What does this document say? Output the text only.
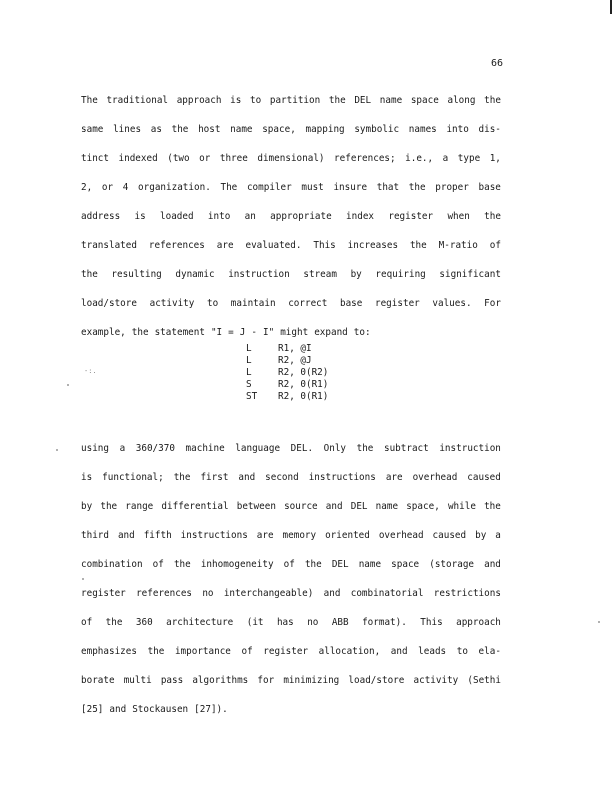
66
The traditional approach is to partition the DEL name space along the
same lines as the host name space, mapping symbolic names into dis-
tinct indexed (two or three dimensional) references; i.e., a type 1,
2, or 4 organization. The compiler must insure that the proper base
address is loaded into an appropriate index register when the
translated references are evaluated. This increases the M-ratio of
the resulting dynamic instruction stream by requiring significant
load/store activity to maintain correct base register values. For
example, the statement "I = J - I" might expand to:
L	R1, @I
L	R2, @J
L	R2, 0(R2)
S	R2, 0(R1)
ST R2, 0(R1)
using a 360/370 machine language DEL. Only the subtract instruction
is functional; the first and second instructions are overhead caused
by the range differential between source and DEL name space, while the
third and fifth instructions are memory oriented overhead caused by a
combination of the inhomogeneity of the DEL name space (storage and
register references no interchangeable) and combinatorial restrictions
of the 360 architecture (it has no ABB format). This approach
emphasizes the importance of register allocation, and leads to ela-
borate multi pass algorithms for minimizing load/store activity (Sethi
[25] and Stockausen [27]).
-:.
